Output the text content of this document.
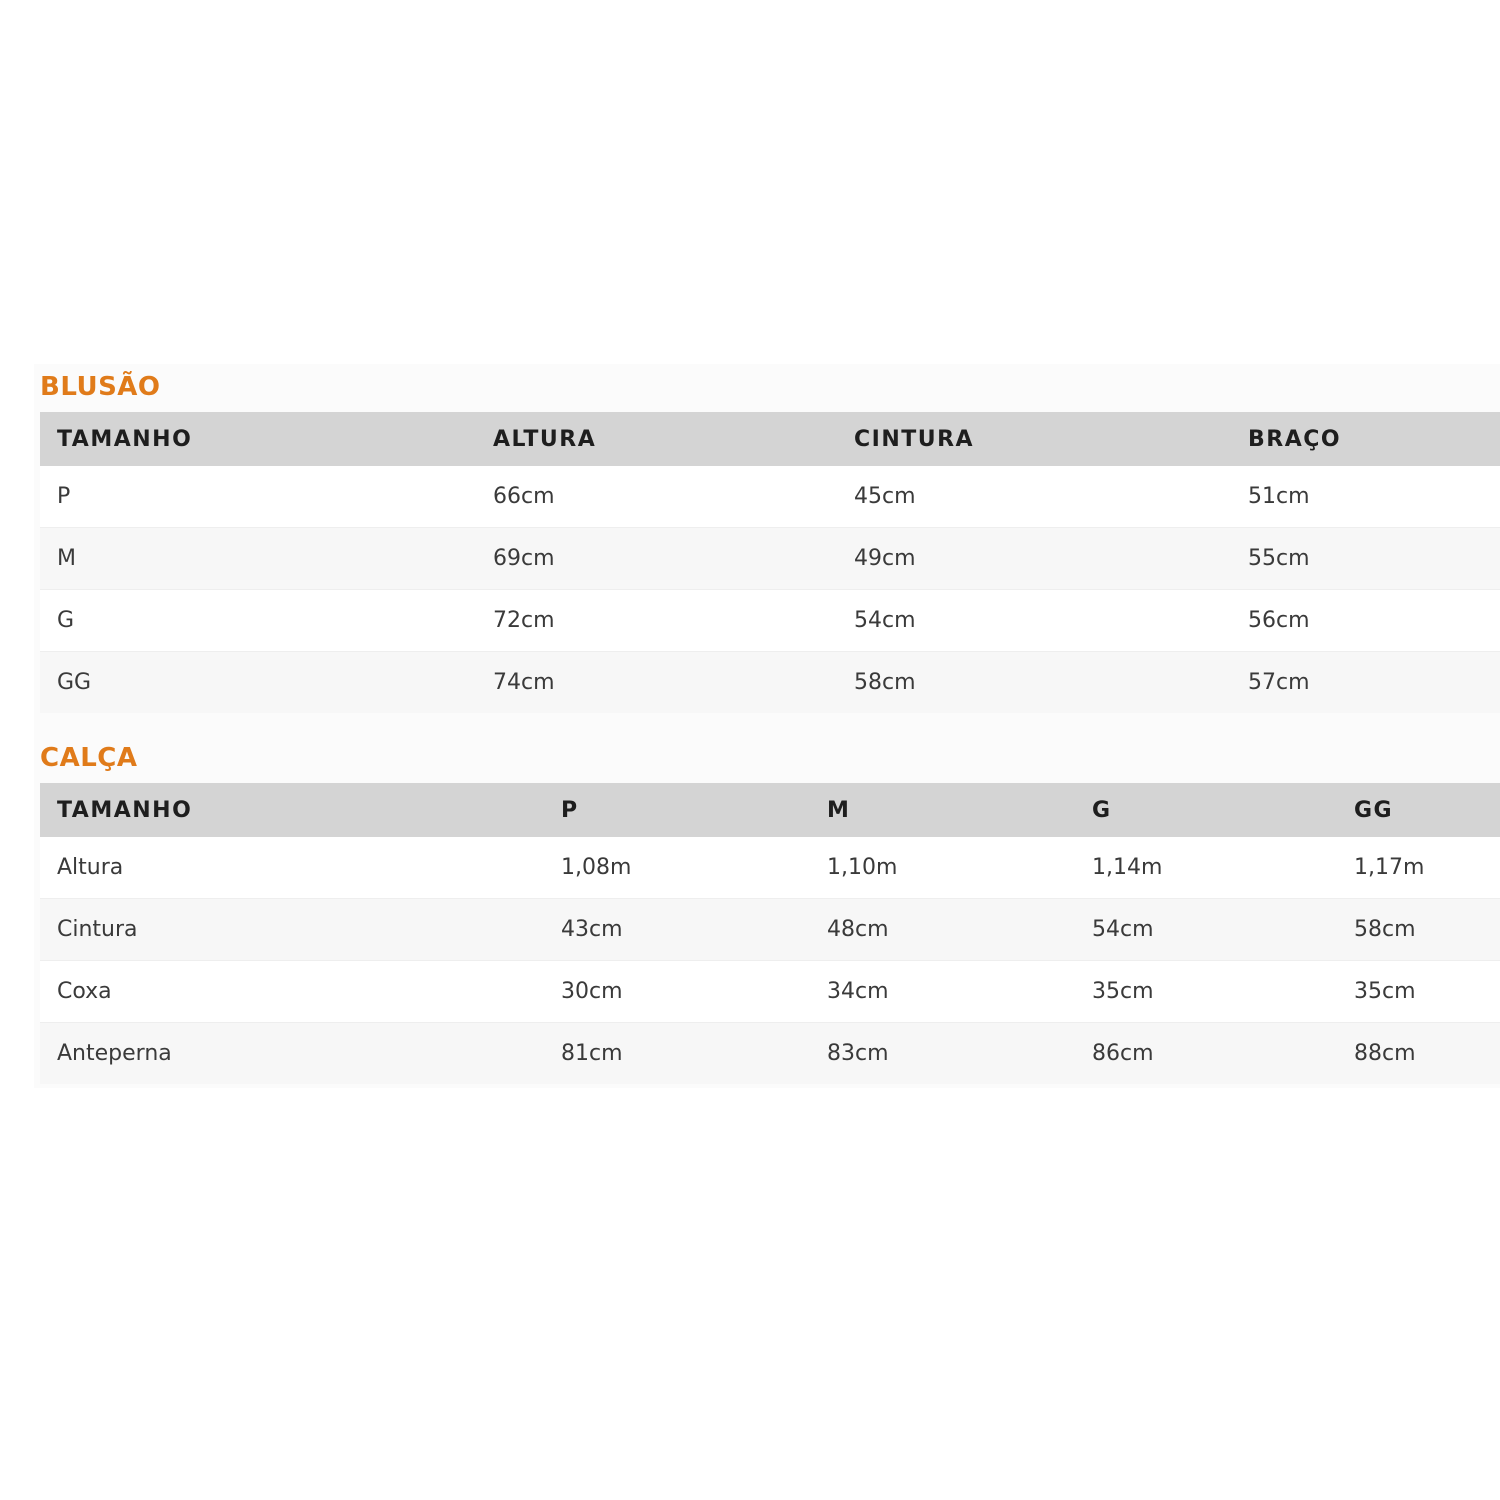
BLUSÃO
TAMANHO	ALTURA	CINTURA	BRAÇO
P	66cm	45cm	51cm
M	69cm	49cm	55cm
G	72cm	54cm	56cm
GG	74cm	58cm	57cm
CALÇA
TAMANHO	P	M	G	GG
Altura	1,08m	1,10m	1,14m	1,17m
Cintura	43cm	48cm	54cm	58cm
Coxa	30cm	34cm	35cm	35cm
Anteperna	81cm	83cm	86cm	88cm
